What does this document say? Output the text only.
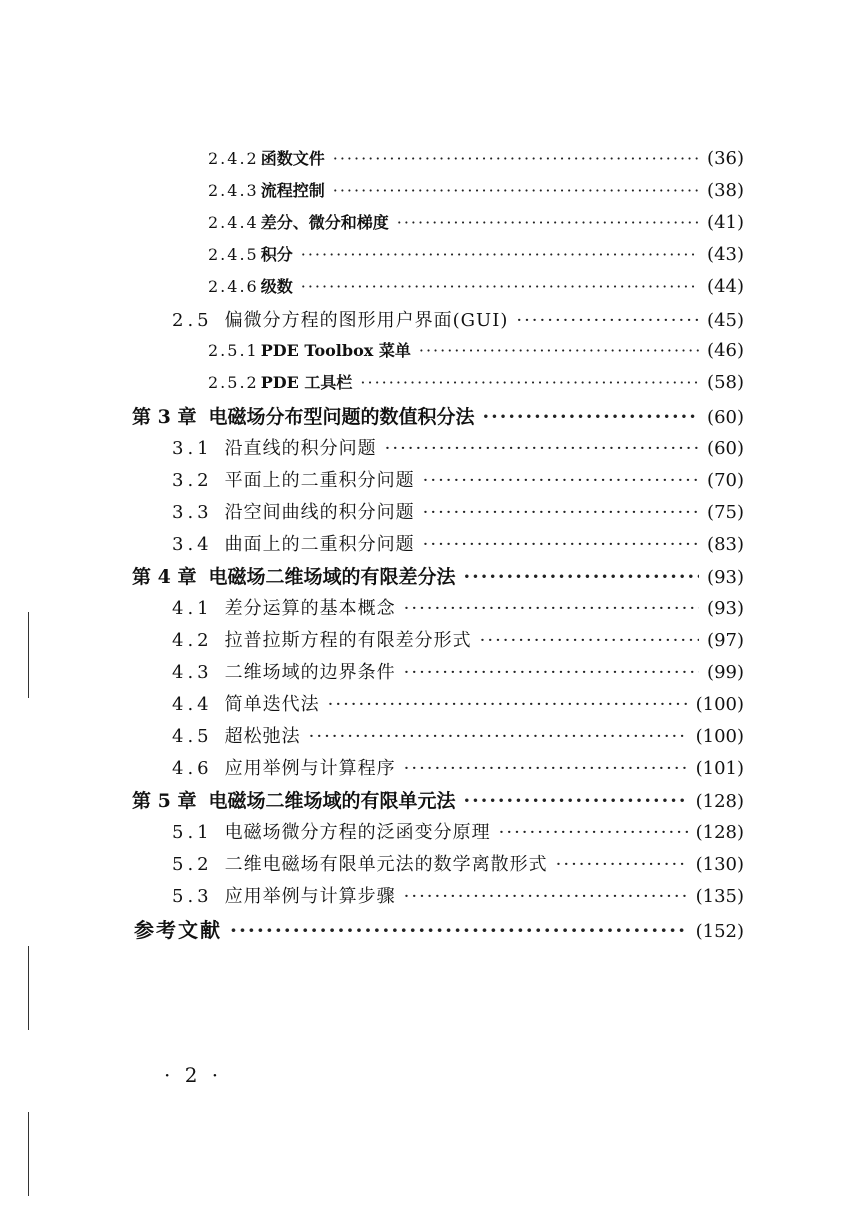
2.4.2 函数文件 ·····	(36)
2.4.3 流程控制 ·····	(38)
2.4.4 差分、微分和梯度 ·····	(41)
2.4.5 积分 ·····	(43)
2.4.6 级数 ·····	(44)
2.5 偏微分方程的图形用户界面(GUI) ·····	(45)
2.5.1 PDE Toolbox 菜单 ·····	(46)
2.5.2 PDE 工具栏 ·····	(58)
第 3 章 电磁场分布型问题的数值积分法 ·····	(60)
3.1 沿直线的积分问题 ·····	(60)
3.2 平面上的二重积分问题 ·····	(70)
3.3 沿空间曲线的积分问题 ·····	(75)
3.4 曲面上的二重积分问题 ·····	(83)
第 4 章 电磁场二维场域的有限差分法 ·····	(93)
4.1 差分运算的基本概念 ·····	(93)
4.2 拉普拉斯方程的有限差分形式 ·····	(97)
4.3 二维场域的边界条件 ·····	(99)
4.4 简单迭代法 ·····	(100)
4.5 超松弛法 ·····	(100)
4.6 应用举例与计算程序 ·····	(101)
第 5 章 电磁场二维场域的有限单元法 ·····	(128)
5.1 电磁场微分方程的泛函变分原理 ·····	(128)
5.2 二维电磁场有限单元法的数学离散形式 ·····	(130)
5.3 应用举例与计算步骤 ·····	(135)
参考文献 ·····	(152)
· 2 ·
